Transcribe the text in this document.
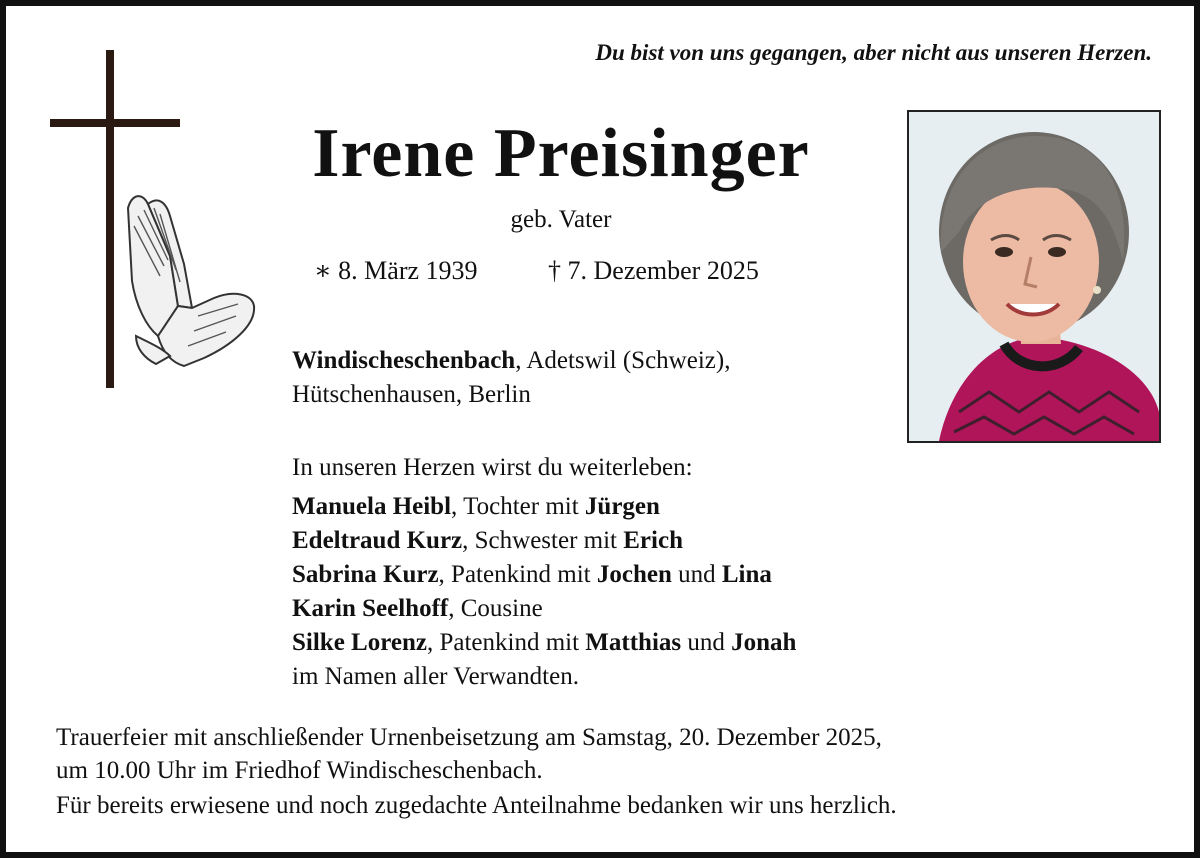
Du bist von uns gegangen, aber nicht aus unseren Herzen.
Irene Preisinger
geb. Vater
∗ 8. März 1939	† 7. Dezember 2025
Windischeschenbach, Adetswil (Schweiz),
Hütschenhausen, Berlin
In unseren Herzen wirst du weiterleben:
Manuela Heibl, Tochter mit Jürgen
Edeltraud Kurz, Schwester mit Erich
Sabrina Kurz, Patenkind mit Jochen und Lina
Karin Seelhoff, Cousine
Silke Lorenz, Patenkind mit Matthias und Jonah
im Namen aller Verwandten.
Trauerfeier mit anschließender Urnenbeisetzung am Samstag, 20. Dezember 2025,
um 10.00 Uhr im Friedhof Windischeschenbach.
Für bereits erwiesene und noch zugedachte Anteilnahme bedanken wir uns herzlich.
